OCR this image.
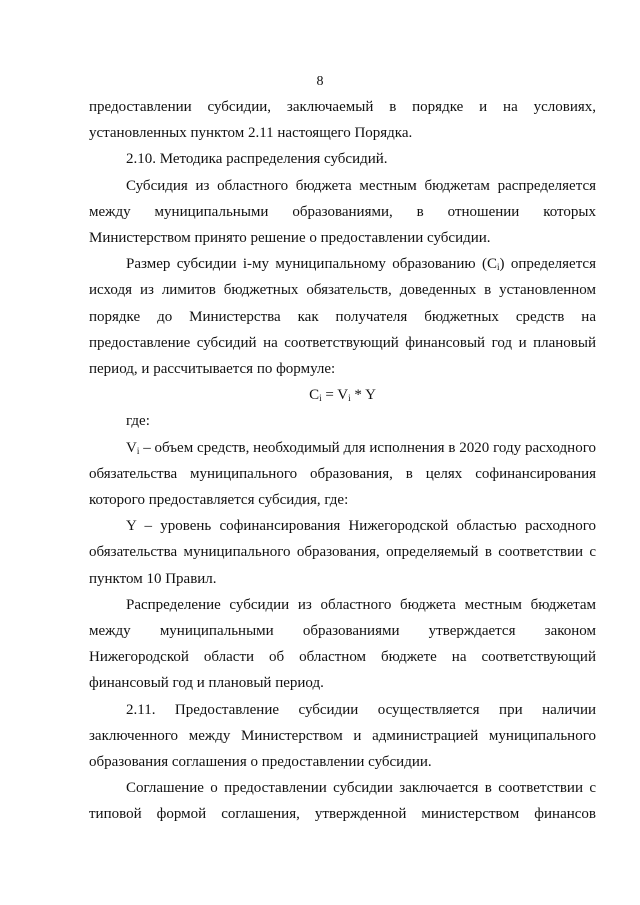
8

предоставлении субсидии, заключаемый в порядке и на условиях, установленных пунктом 2.11 настоящего Порядка.

2.10. Методика распределения субсидий.

Субсидия из областного бюджета местным бюджетам распределяется между муниципальными образованиями, в отношении которых Министерством принято решение о предоставлении субсидии.

Размер субсидии i-му муниципальному образованию (Сi) определяется исходя из лимитов бюджетных обязательств, доведенных в установленном порядке до Министерства как получателя бюджетных средств на предоставление субсидий на соответствующий финансовый год и плановый период, и рассчитывается по формуле:

$С_i = V_i * Y$

где:

Vi – объем средств, необходимый для исполнения в 2020 году расходного обязательства муниципального образования, в целях софинансирования которого предоставляется субсидия, где:

Y – уровень софинансирования Нижегородской областью расходного обязательства муниципального образования, определяемый в соответствии с пунктом 10 Правил.

Распределение субсидии из областного бюджета местным бюджетам между муниципальными образованиями утверждается законом Нижегородской области об областном бюджете на соответствующий финансовый год и плановый период.

2.11. Предоставление субсидии осуществляется при наличии заключенного между Министерством и администрацией муниципального образования соглашения о предоставлении субсидии.

Соглашение о предоставлении субсидии заключается в соответствии с типовой формой соглашения, утвержденной министерством финансов
